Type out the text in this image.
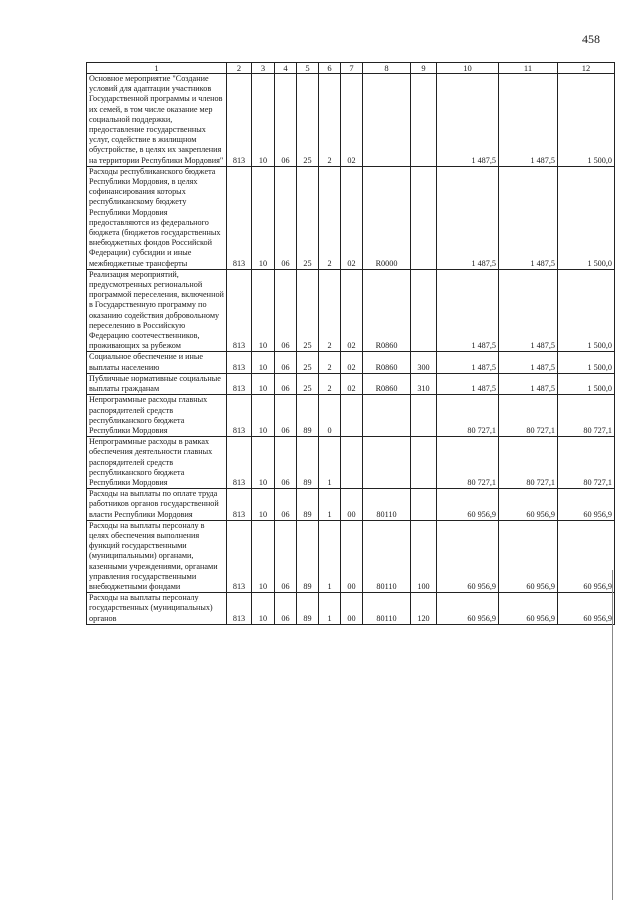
458
1	2	3	4	5	6	7	8	9	10	11	12

Основное мероприятие "Создание условий для адаптации участников Государственной программы и членов их семей, в том числе оказание мер социальной поддержки, предоставление государственных услуг, содействие в жилищном обустройстве, в целях их закрепления на территории Республики Мордовия"	813	10	06	25	2	02			1 487,5	1 487,5	1 500,0

Расходы республиканского бюджета Республики Мордовия, в целях софинансирования которых республиканскому бюджету Республики Мордовия предоставляются из федерального бюджета (бюджетов государственных внебюджетных фондов Российской Федерации) субсидии и иные межбюджетные трансферты	813	10	06	25	2	02	R0000		1 487,5	1 487,5	1 500,0

Реализация мероприятий, предусмотренных региональной программой переселения, включенной в Государственную программу по оказанию содействия добровольному переселению в Российскую Федерацию соотечественников, проживающих за рубежом	813	10	06	25	2	02	R0860		1 487,5	1 487,5	1 500,0

Социальное обеспечение и иные выплаты населению	813	10	06	25	2	02	R0860	300	1 487,5	1 487,5	1 500,0

Публичные нормативные социальные выплаты гражданам	813	10	06	25	2	02	R0860	310	1 487,5	1 487,5	1 500,0

Непрограммные расходы главных распорядителей средств республиканского бюджета Республики Мордовия	813	10	06	89	0				80 727,1	80 727,1	80 727,1

Непрограммные расходы в рамках обеспечения деятельности главных распорядителей средств республиканского бюджета Республики Мордовия	813	10	06	89	1				80 727,1	80 727,1	80 727,1

Расходы на выплаты по оплате труда работников органов государственной власти Республики Мордовия	813	10	06	89	1	00	80110		60 956,9	60 956,9	60 956,9

Расходы на выплаты персоналу в целях обеспечения выполнения функций государственными (муниципальными) органами, казенными учреждениями, органами управления государственными внебюджетными фондами	813	10	06	89	1	00	80110	100	60 956,9	60 956,9	60 956,9

Расходы на выплаты персоналу государственных (муниципальных) органов	813	10	06	89	1	00	80110	120	60 956,9	60 956,9	60 956,9
